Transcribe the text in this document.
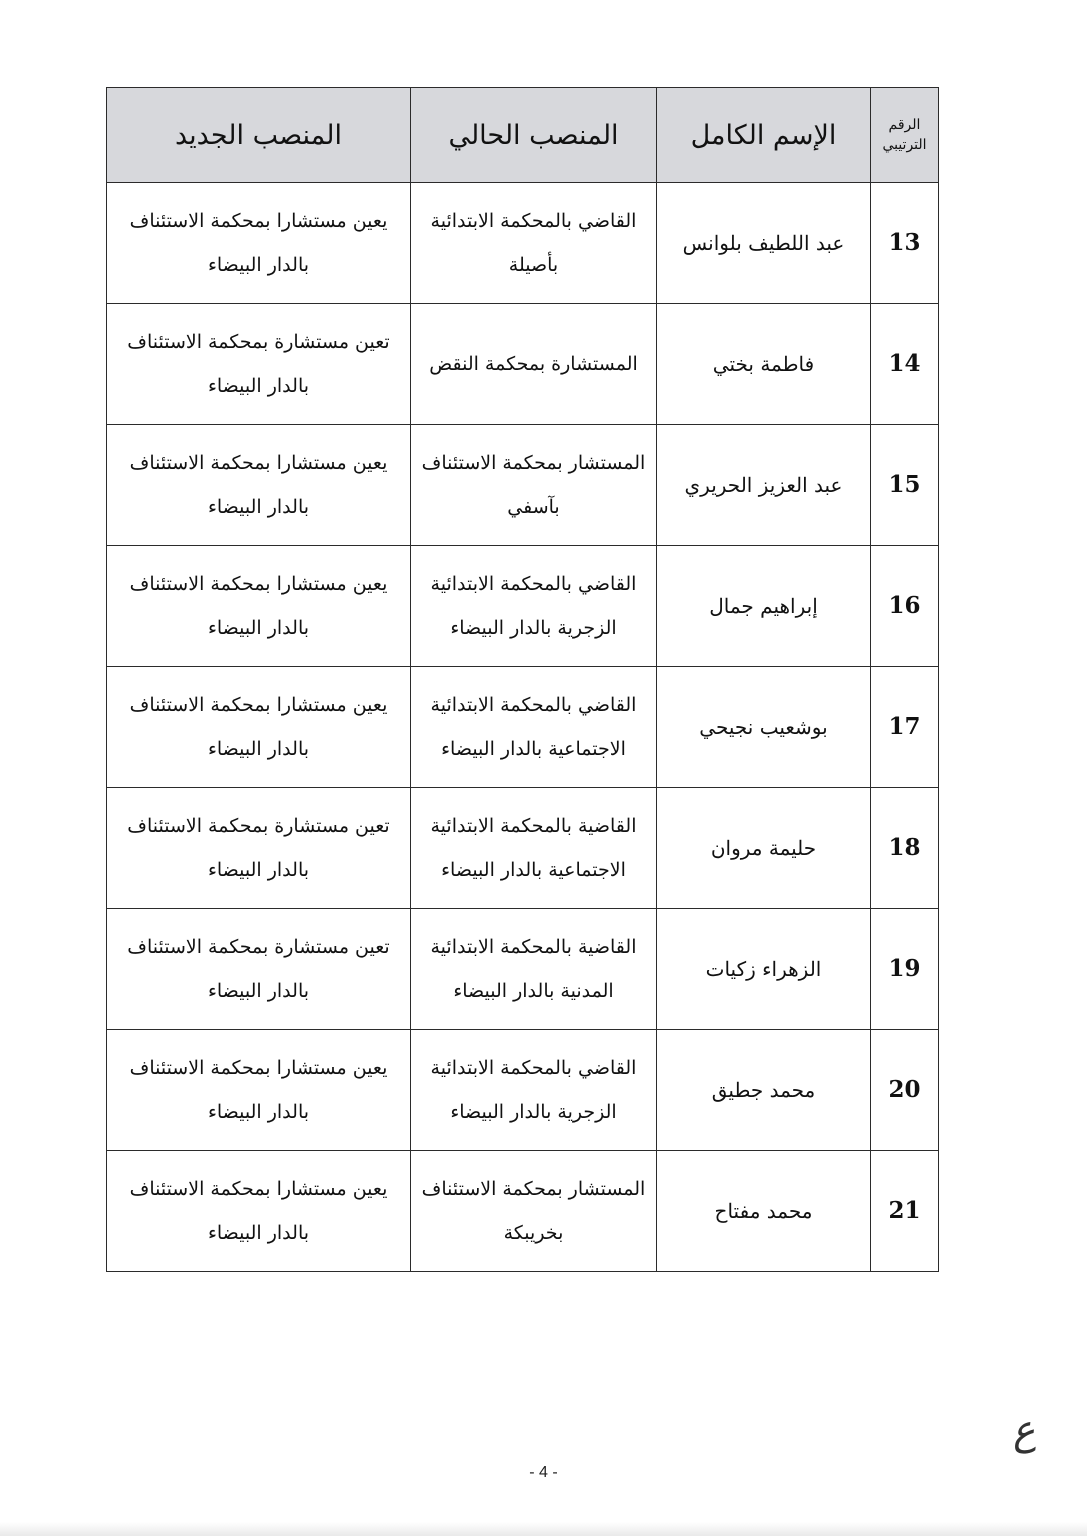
الرقم الترتيبي	الإسم الكامل	المنصب الحالي	المنصب الجديد
13	عبد اللطيف بلوانس	القاضي بالمحكمة الابتدائية بأصيلة	يعين مستشارا بمحكمة الاستئناف بالدار البيضاء
14	فاطمة بختي	المستشارة بمحكمة النقض	تعين مستشارة بمحكمة الاستئناف بالدار البيضاء
15	عبد العزيز الحريري	المستشار بمحكمة الاستئناف بآسفي	يعين مستشارا بمحكمة الاستئناف بالدار البيضاء
16	إبراهيم جمال	القاضي بالمحكمة الابتدائية الزجرية بالدار البيضاء	يعين مستشارا بمحكمة الاستئناف بالدار البيضاء
17	بوشعيب نجيحي	القاضي بالمحكمة الابتدائية الاجتماعية بالدار البيضاء	يعين مستشارا بمحكمة الاستئناف بالدار البيضاء
18	حليمة مروان	القاضية بالمحكمة الابتدائية الاجتماعية بالدار البيضاء	تعين مستشارة بمحكمة الاستئناف بالدار البيضاء
19	الزهراء زكيات	القاضية بالمحكمة الابتدائية المدنية بالدار البيضاء	تعين مستشارة بمحكمة الاستئناف بالدار البيضاء
20	محمد جطيق	القاضي بالمحكمة الابتدائية الزجرية بالدار البيضاء	يعين مستشارا بمحكمة الاستئناف بالدار البيضاء
21	محمد مفتاح	المستشار بمحكمة الاستئناف بخريبكة	يعين مستشارا بمحكمة الاستئناف بالدار البيضاء
ع
- 4 -
